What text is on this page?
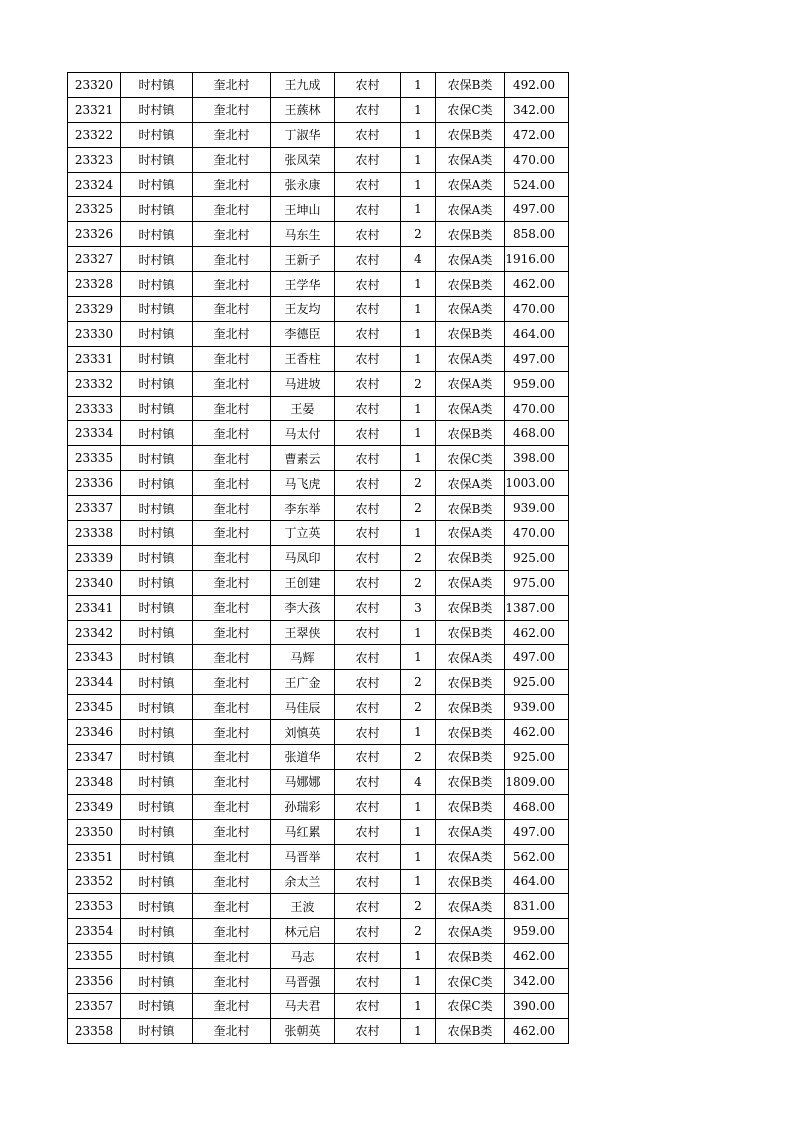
23320	时村镇	奎北村	王九成	农村	1	农保B类	492.00
23321	时村镇	奎北村	王蔟林	农村	1	农保C类	342.00
23322	时村镇	奎北村	丁淑华	农村	1	农保B类	472.00
23323	时村镇	奎北村	张凤荣	农村	1	农保A类	470.00
23324	时村镇	奎北村	张永康	农村	1	农保A类	524.00
23325	时村镇	奎北村	王坤山	农村	1	农保A类	497.00
23326	时村镇	奎北村	马东生	农村	2	农保B类	858.00
23327	时村镇	奎北村	王新子	农村	4	农保A类	1916.00
23328	时村镇	奎北村	王学华	农村	1	农保B类	462.00
23329	时村镇	奎北村	王友均	农村	1	农保A类	470.00
23330	时村镇	奎北村	李德臣	农村	1	农保B类	464.00
23331	时村镇	奎北村	王香柱	农村	1	农保A类	497.00
23332	时村镇	奎北村	马进坡	农村	2	农保A类	959.00
23333	时村镇	奎北村	王晏	农村	1	农保A类	470.00
23334	时村镇	奎北村	马太付	农村	1	农保B类	468.00
23335	时村镇	奎北村	曹素云	农村	1	农保C类	398.00
23336	时村镇	奎北村	马飞虎	农村	2	农保A类	1003.00
23337	时村镇	奎北村	李东举	农村	2	农保B类	939.00
23338	时村镇	奎北村	丁立英	农村	1	农保A类	470.00
23339	时村镇	奎北村	马凤印	农村	2	农保B类	925.00
23340	时村镇	奎北村	王创建	农村	2	农保A类	975.00
23341	时村镇	奎北村	李大孩	农村	3	农保B类	1387.00
23342	时村镇	奎北村	王翠侠	农村	1	农保B类	462.00
23343	时村镇	奎北村	马辉	农村	1	农保A类	497.00
23344	时村镇	奎北村	王广金	农村	2	农保B类	925.00
23345	时村镇	奎北村	马佳辰	农村	2	农保B类	939.00
23346	时村镇	奎北村	刘慎英	农村	1	农保B类	462.00
23347	时村镇	奎北村	张道华	农村	2	农保B类	925.00
23348	时村镇	奎北村	马娜娜	农村	4	农保B类	1809.00
23349	时村镇	奎北村	孙瑞彩	农村	1	农保B类	468.00
23350	时村镇	奎北村	马红累	农村	1	农保A类	497.00
23351	时村镇	奎北村	马晋举	农村	1	农保A类	562.00
23352	时村镇	奎北村	余太兰	农村	1	农保B类	464.00
23353	时村镇	奎北村	王波	农村	2	农保A类	831.00
23354	时村镇	奎北村	林元启	农村	2	农保A类	959.00
23355	时村镇	奎北村	马志	农村	1	农保B类	462.00
23356	时村镇	奎北村	马晋强	农村	1	农保C类	342.00
23357	时村镇	奎北村	马夫君	农村	1	农保C类	390.00
23358	时村镇	奎北村	张朝英	农村	1	农保B类	462.00
